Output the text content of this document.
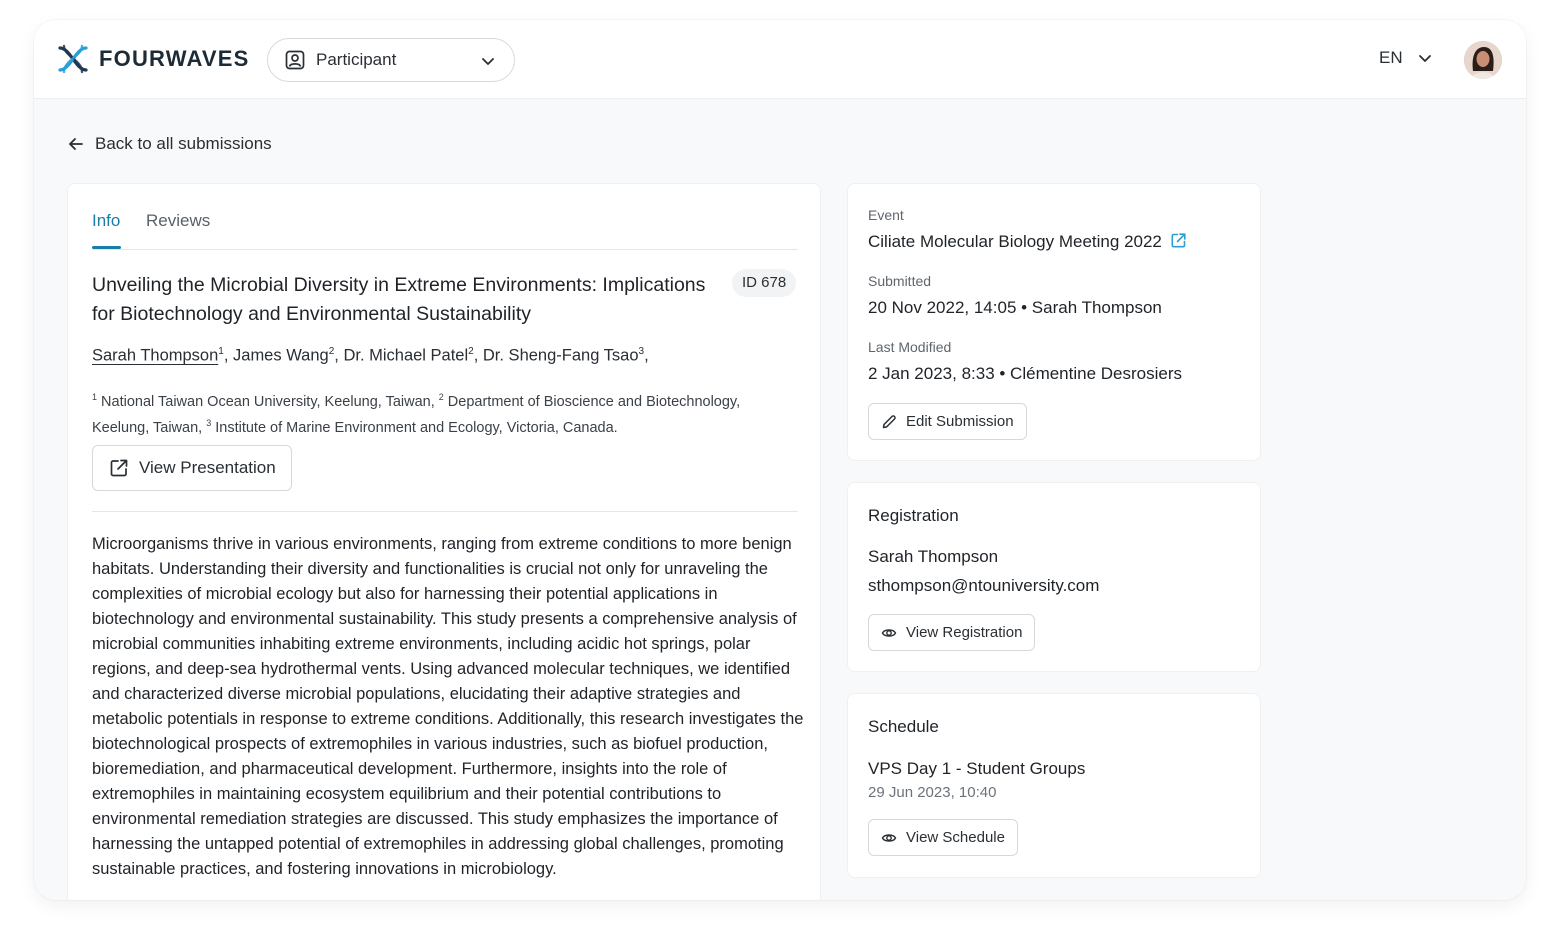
FOURWAVES	Participant	EN
Back to all submissions
Info Reviews
Unveiling the Microbial Diversity in Extreme Environments: Implications for Biotechnology and Environmental Sustainability
ID 678
Sarah Thompson$^1$, James Wang$^2$, Dr. Michael Patel$^2$, Dr. Sheng-Fang Tsao$^3$,
$^1$ National Taiwan Ocean University, Keelung, Taiwan, $^2$ Department of Bioscience and Biotechnology, Keelung, Taiwan, $^3$ Institute of Marine Environment and Ecology, Victoria, Canada.
View Presentation
Microorganisms thrive in various environments, ranging from extreme conditions to more benign habitats. Understanding their diversity and functionalities is crucial not only for unraveling the complexities of microbial ecology but also for harnessing their potential applications in biotechnology and environmental sustainability. This study presents a comprehensive analysis of microbial communities inhabiting extreme environments, including acidic hot springs, polar regions, and deep-sea hydrothermal vents. Using advanced molecular techniques, we identified and characterized diverse microbial populations, elucidating their adaptive strategies and metabolic potentials in response to extreme conditions. Additionally, this research investigates the biotechnological prospects of extremophiles in various industries, such as biofuel production, bioremediation, and pharmaceutical development. Furthermore, insights into the role of extremophiles in maintaining ecosystem equilibrium and their potential contributions to environmental remediation strategies are discussed. This study emphasizes the importance of harnessing the untapped potential of extremophiles in addressing global challenges, promoting sustainable practices, and fostering innovations in microbiology.
Event
Ciliate Molecular Biology Meeting 2022
Submitted
20 Nov 2022, 14:05 • Sarah Thompson
Last Modified
2 Jan 2023, 8:33 • Clémentine Desrosiers
Edit Submission
Registration
Sarah Thompson
sthompson@ntouniversity.com
View Registration
Schedule
VPS Day 1 - Student Groups
29 Jun 2023, 10:40
View Schedule
